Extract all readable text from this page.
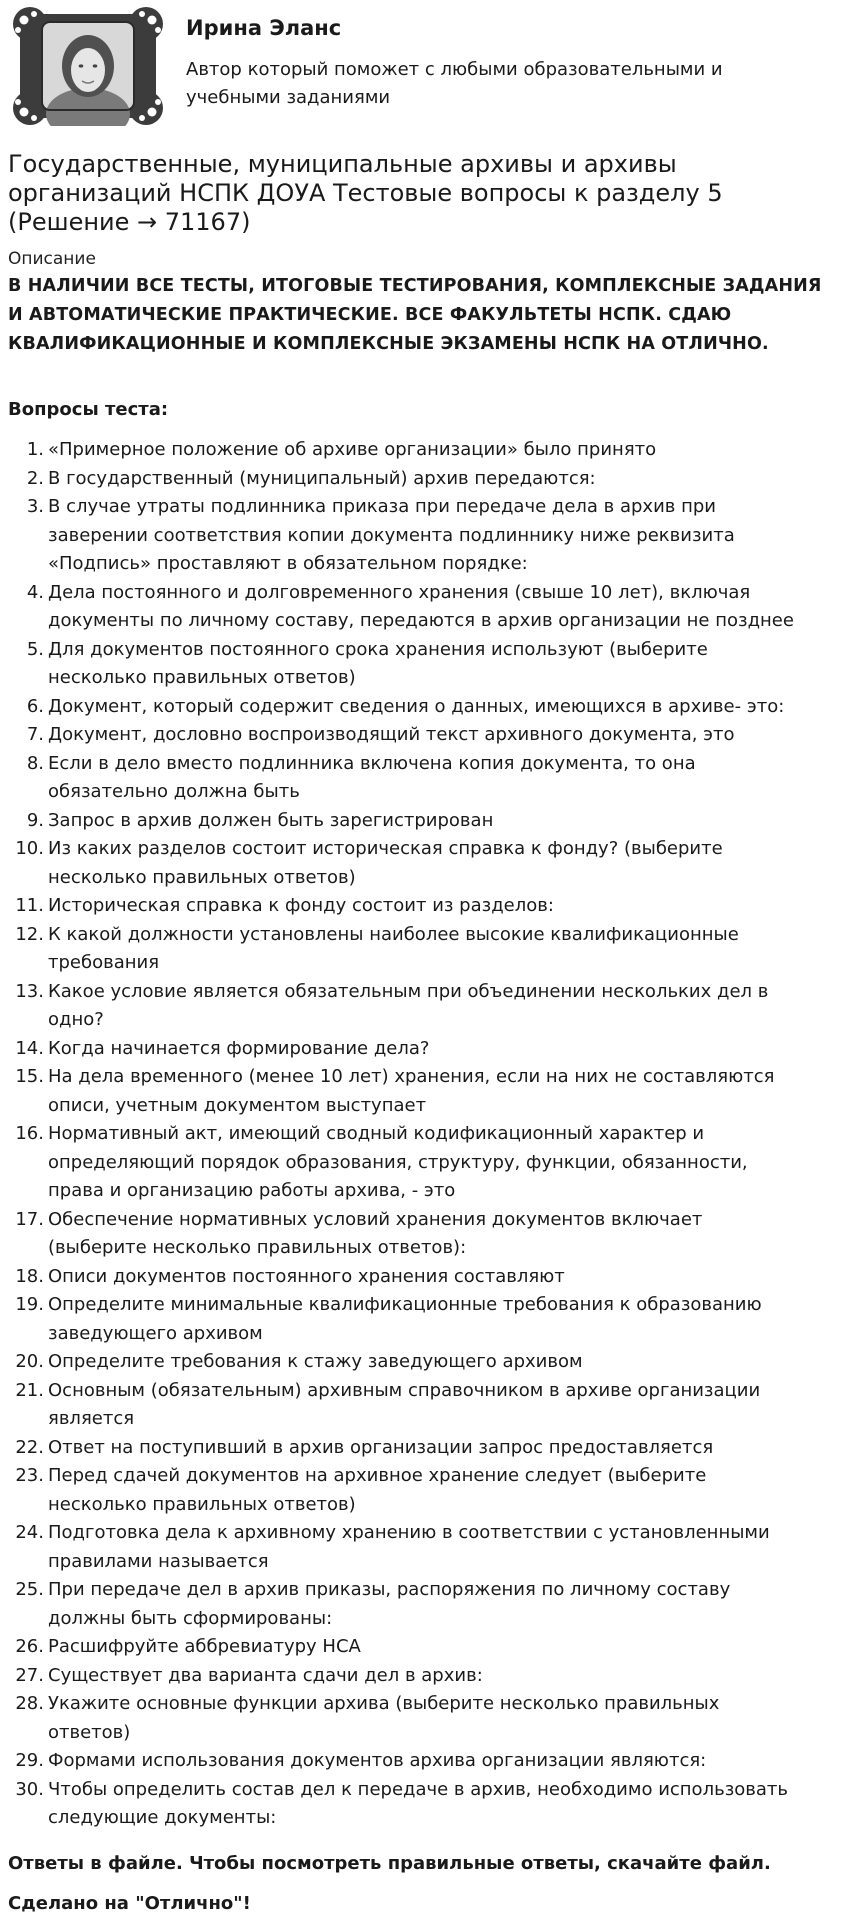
Ирина Эланс
Автор который поможет с любыми образовательными и учебными заданиями
Государственные, муниципальные архивы и архивы организаций НСПК ДОУА Тестовые вопросы к разделу 5 (Решение → 71167)
Описание

В НАЛИЧИИ ВСЕ ТЕСТЫ, ИТОГОВЫЕ ТЕСТИРОВАНИЯ, КОМПЛЕКСНЫЕ ЗАДАНИЯ И АВТОМАТИЧЕСКИЕ ПРАКТИЧЕСКИЕ. ВСЕ ФАКУЛЬТЕТЫ НСПК. СДАЮ КВАЛИФИКАЦИОННЫЕ И КОМПЛЕКСНЫЕ ЭКЗАМЕНЫ НСПК НА ОТЛИЧНО.

Вопросы теста:
1. «Примерное положение об архиве организации» было принято
2. В государственный (муниципальный) архив передаются:
3. В случае утраты подлинника приказа при передаче дела в архив при
заверении соответствия копии документа подлиннику ниже реквизита
«Подпись» проставляют в обязательном порядке:
4. Дела постоянного и долговременного хранения (свыше 10 лет), включая
документы по личному составу, передаются в архив организации не позднее
5. Для документов постоянного срока хранения используют (выберите
несколько правильных ответов)
6. Документ, который содержит сведения о данных, имеющихся в архиве- это:
7. Документ, дословно воспроизводящий текст архивного документа, это
8. Если в дело вместо подлинника включена копия документа, то она
обязательно должна быть
9. Запрос в архив должен быть зарегистрирован
10. Из каких разделов состоит историческая справка к фонду? (выберите
несколько правильных ответов)
11. Историческая справка к фонду состоит из разделов:
12. К какой должности установлены наиболее высокие квалификационные
требования
13. Какое условие является обязательным при объединении нескольких дел в
одно?
14. Когда начинается формирование дела?
15. На дела временного (менее 10 лет) хранения, если на них не составляются
описи, учетным документом выступает
16. Нормативный акт, имеющий сводный кодификационный характер и
определяющий порядок образования, структуру, функции, обязанности,
права и организацию работы архива, - это
17. Обеспечение нормативных условий хранения документов включает
(выберите несколько правильных ответов):
18. Описи документов постоянного хранения составляют
19. Определите минимальные квалификационные требования к образованию
заведующего архивом
20. Определите требования к стажу заведующего архивом
21. Основным (обязательным) архивным справочником в архиве организации
является
22. Ответ на поступивший в архив организации запрос предоставляется
23. Перед сдачей документов на архивное хранение следует (выберите
несколько правильных ответов)
24. Подготовка дела к архивному хранению в соответствии с установленными
правилами называется
25. При передаче дел в архив приказы, распоряжения по личному составу
должны быть сформированы:
26. Расшифруйте аббревиатуру НСА
27. Существует два варианта сдачи дел в архив:
28. Укажите основные функции архива (выберите несколько правильных
ответов)
29. Формами использования документов архива организации являются:
30. Чтобы определить состав дел к передаче в архив, необходимо использовать
следующие документы:
Ответы в файле. Чтобы посмотреть правильные ответы, скачайте файл.
Сделано на "Отлично"!
